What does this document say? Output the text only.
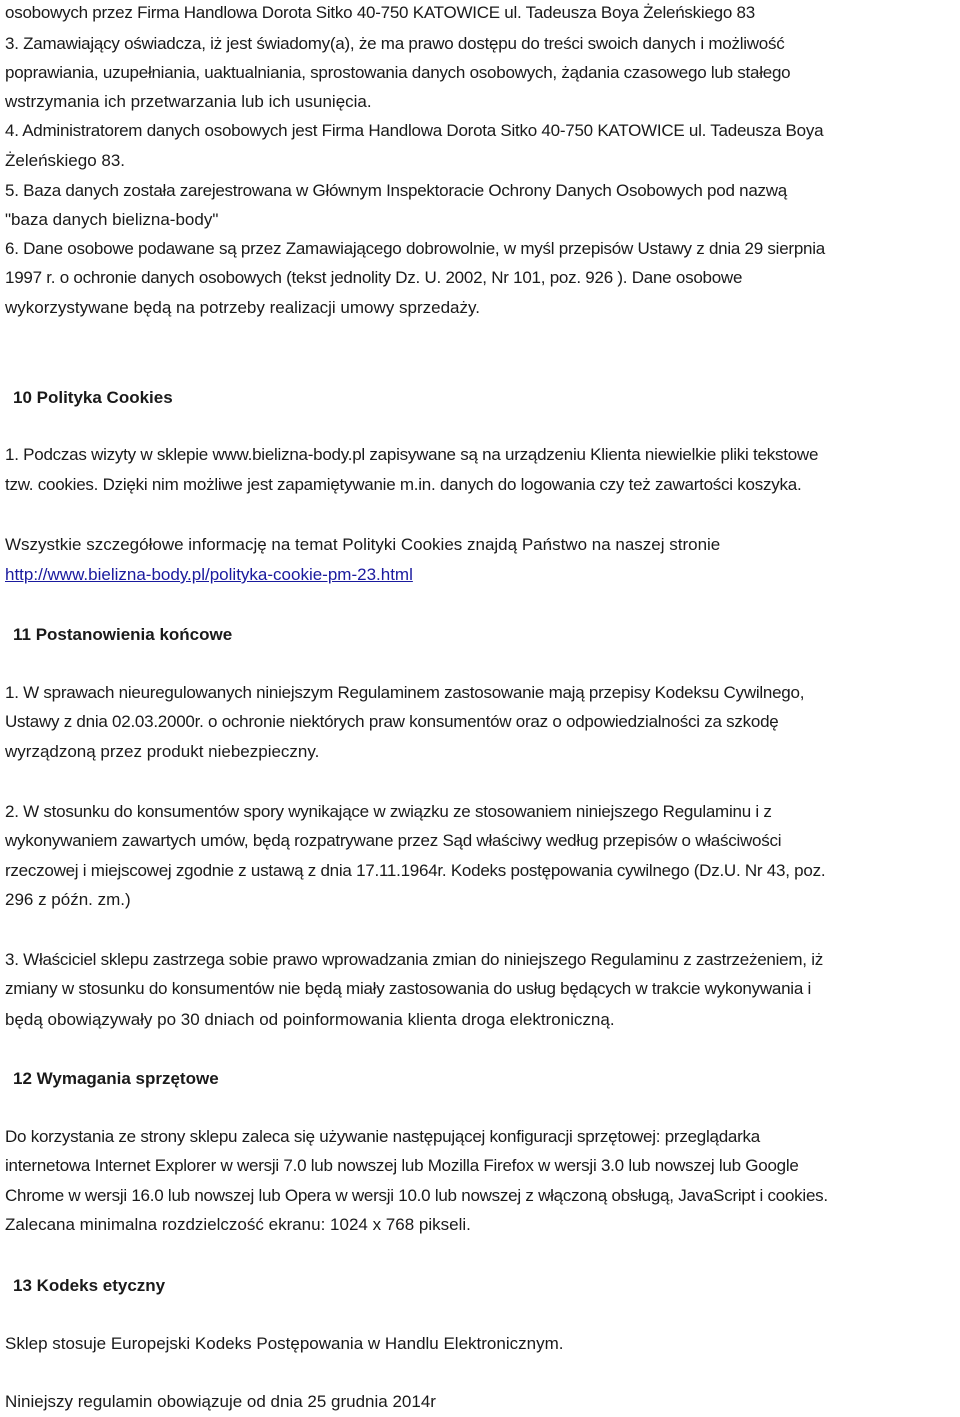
osobowych przez Firma Handlowa Dorota Sitko 40-750 KATOWICE ul. Tadeusza Boya Żeleńskiego 83
3. Zamawiający oświadcza, iż jest świadomy(a), że ma prawo dostępu do treści swoich danych i możliwość
poprawiania, uzupełniania, uaktualniania, sprostowania danych osobowych, żądania czasowego lub stałego
wstrzymania ich przetwarzania lub ich usunięcia.
4. Administratorem danych osobowych jest Firma Handlowa Dorota Sitko 40-750 KATOWICE ul. Tadeusza Boya
Żeleńskiego 83.
5. Baza danych została zarejestrowana w Głównym Inspektoracie Ochrony Danych Osobowych pod nazwą
"baza danych bielizna-body"
6. Dane osobowe podawane są przez Zamawiającego dobrowolnie, w myśl przepisów Ustawy z dnia 29 sierpnia
1997 r. o ochronie danych osobowych (tekst jednolity Dz. U. 2002, Nr 101, poz. 926 ). Dane osobowe
wykorzystywane będą na potrzeby realizacji umowy sprzedaży.
10 Polityka Cookies
1. Podczas wizyty w sklepie www.bielizna-body.pl zapisywane są na urządzeniu Klienta niewielkie pliki tekstowe
tzw. cookies. Dzięki nim możliwe jest zapamiętywanie m.in. danych do logowania czy też zawartości koszyka.
Wszystkie szczegółowe informację na temat Polityki Cookies znajdą Państwo na naszej stronie
http://www.bielizna-body.pl/polityka-cookie-pm-23.html
11 Postanowienia końcowe
1. W sprawach nieuregulowanych niniejszym Regulaminem zastosowanie mają przepisy Kodeksu Cywilnego,
Ustawy z dnia 02.03.2000r. o ochronie niektórych praw konsumentów oraz o odpowiedzialności za szkodę
wyrządzoną przez produkt niebezpieczny.
2. W stosunku do konsumentów spory wynikające w związku ze stosowaniem niniejszego Regulaminu i z
wykonywaniem zawartych umów, będą rozpatrywane przez Sąd właściwy według przepisów o właściwości
rzeczowej i miejscowej zgodnie z ustawą z dnia 17.11.1964r. Kodeks postępowania cywilnego (Dz.U. Nr 43, poz.
296 z późn. zm.)
3. Właściciel sklepu zastrzega sobie prawo wprowadzania zmian do niniejszego Regulaminu z zastrzeżeniem, iż
zmiany w stosunku do konsumentów nie będą miały zastosowania do usług będących w trakcie wykonywania i
będą obowiązywały po 30 dniach od poinformowania klienta droga elektroniczną.
12 Wymagania sprzętowe
Do korzystania ze strony sklepu zaleca się używanie następującej konfiguracji sprzętowej: przeglądarka
internetowa Internet Explorer w wersji 7.0 lub nowszej lub Mozilla Firefox w wersji 3.0 lub nowszej lub Google
Chrome w wersji 16.0 lub nowszej lub Opera w wersji 10.0 lub nowszej z włączoną obsługą, JavaScript i cookies.
Zalecana minimalna rozdzielczość ekranu: 1024 x 768 pikseli.
13 Kodeks etyczny
Sklep stosuje Europejski Kodeks Postępowania w Handlu Elektronicznym.
Niniejszy regulamin obowiązuje od dnia 25 grudnia 2014r
